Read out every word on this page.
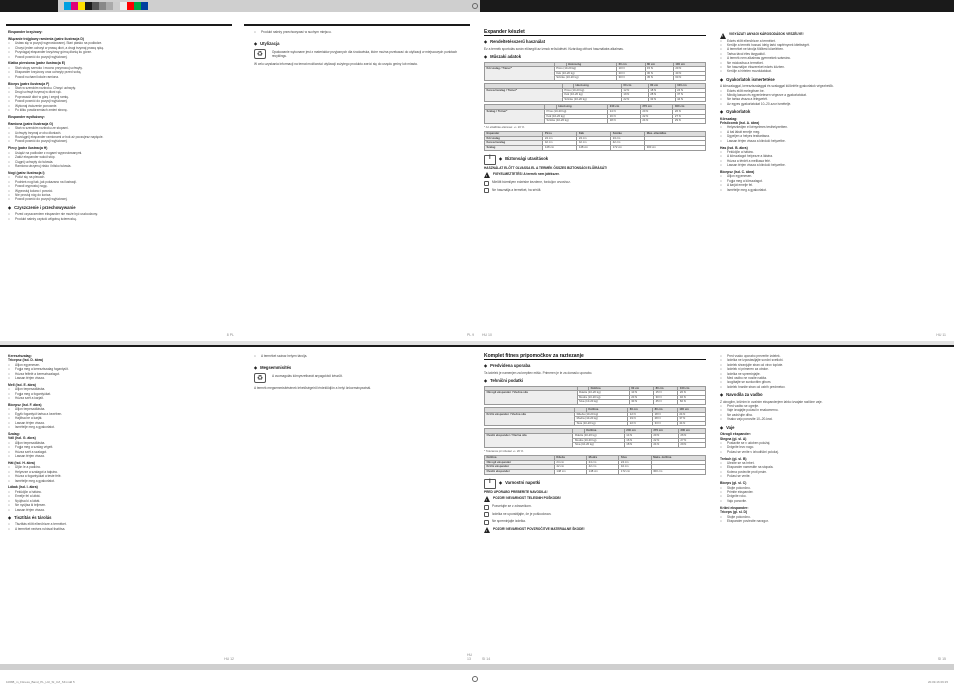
Ekspander krzyżowy:
Wiązanie trójglowy ramienia (patrz ilustracja D)
□ Ustaw się w pozycji wyprostowanej. Stań płasko na podłodze.
□ Chwyć jeden uchwyt w prawą dłoń, a drugi trzymaj prawą ręką.
□ Przyciągaj ekspander krzyżowy górną dłonią ku górze.
□ Powoli powróć do pozycji wyjściowej.
Klatka piersiowa (patrz ilustracja E)
□ Stań stopy szeroko i mocno przymocuj uchwyty.
□ Ekspander krzyżowy oraz uchwyty przed sobą.
□ Powoli ruchami łokcie ramiona.
Biceps (patrz ilustracja F)
□ Stań w szerokim rozkroku. Chwyć uchwyty.
□ Drugi uchwyt trzymaj w dłoni rąk.
□ Poprowadź dłoń w górę i zegnij ramię.
□ Powoli powróć do pozycji wyjściowej.
□ Wykonaj ćwiczenie ponownie.
□ Po kilku powtórzeniach zmień stronę.
Ekspander wydłużony:
Ramiona (patrz ilustracja G)
□ Stań w szerokim rozkroku ze stopami.
□ Uchwyty trzymaj w obu dłoniach.
□ Rozciągnij ekspander ramionami w bok aż poczujesz napięcie.
□ Powoli powróć do pozycji wyjściowej.
Plecy (patrz ilustracja H)
□ Usiądź na podłodze z nogami wyprostowanymi.
□ Załóż ekspander wokół stóp.
□ Ciągnij uchwyty do tułowia.
□ Ramiona utrzymuj nisko i blisko tułowia.
Nogi (patrz ilustracja I)
□ Połóż się na plecach.
□ Podnieś nogi tak, jak pokazano na ilustracji.
□ Powoli wyprostuj nogę.
□ Wyprostuj kolano i powróć.
□ Nie prostuj nóg do końca.
□ Powoli powróć do pozycji wyjściowej.
◆ Czyszczenie i przechowywanie
□ Przed czyszczeniem ekspander nie może być uszkodzony.
□ Produkt należy czyścić wilgotną ściereczką.
8 PL
□ Produkt należy przechowywać w suchym miejscu.
◆ Utylizacja
♻	Opakowanie wykonane jest z materiałów przyjaznych dla środowiska, które można przekazać do utylizacji w miejscowych punktach recyklingu.
W celu uzyskania informacji na temat możliwości utylizacji zużytego produktu zwróć się do urzędu gminy lub miasta.
PL 9
Expander készlet
◆ Rendeltetésszerű használat
Ez a termék sportolás során elősegíti az izmok erősödését. Kizárólag otthoni használatra alkalmas.
◆ Műszaki adatok
		Húzószög	60 cm	80 cm	100 cm
Körszalag / Tréner*	Piros (10-20 kg)		10 N	15 N	20 N
	Kék (10-20 kg)		20 N	30 N	40 N
	Szürke (10-20 kg)		30 N	45 N	60 N
		Húzószög	60 cm	80 cm	100 cm
Keresztszalag / Tréner*	Piros (10-20 kg)		12 N	18 N	24 N
	Kék (10-20 kg)		19 N	28 N	37 N
	Szürke (10-20 kg)		22 N	33 N	44 N
		Húzószög	240 cm	270 cm	300 cm
Szalag / Tréner*	Piros (10-20 kg)		14 N	20 N	26 N
	Kék (10-20 kg)		16 N	22 N	27 N
	Szürke (10-20 kg)		18 N	24 N	29 N
* Az előállítás eltérései: +/- 20 %
Expander	Piros	Kék	Szürke	Max. ellenállás
Körszalag	24 cm	24 cm	24 cm	
Keresztszalag	42 cm	42 cm	42 cm	
Szalag	148 cm	148 cm	172 cm	300 cm
i
◆ Biztonsági utasítások
HASZNÁLAT ELŐTT OLVASSA EL A TERMÉK ÖSSZES BIZTONSÁGI ELŐÍRÁSÁT!
!
FIGYELMEZTETÉS! A termék nem játékszer.
Mielőtt bármilyen edzésbe kezdene, forduljon orvoshoz.
Ne használja a terméket, ha sérült.
HU 10
!
VIGYÁZAT! ANYAGI KÁROSODÁSOK VESZÉLYE!
□ Edzés előtt ellenőrizze a terméket.
□ Kerülje a termék hosszú ideig tartó napfénynek kitettségét.
□ A terméket ne tárolja fűtőtest közelében.
□ Tartsa távol éles tárgyaktól.
□ A termék nem alkalmas gyermekek számára.
□ Ne módosítsa a terméket.
□ Ne használjon ékszereket edzés közben.
□ Kerülje a hirtelen mozdulatokat.
◆ Gyakorlatok ismertetése
A körszalaggal, keresztszalaggal és szalaggal különféle gyakorlatok végezhetők.
□ Edzés előtt melegítsen be.
□ Mindig lassan és egyenletesen végezze a gyakorlatokat.
□ Ne tartsa vissza a lélegzetét.
□ Az egyes gyakorlatokat 10–20-szor ismételje.
◆ Gyakorlatok
Körszalag:
Felsőcomb (lsd. A. ábra)
□ Helyezkedjen el kényelmes testhelyzetben.
□ A bal lábát emelje meg.
□ Ügyeljen a helyes testtartásra.
□ Lassan térjen vissza a kiinduló helyzetbe.
Has (lsd. B. ábra)
□ Feküdjön a hátára.
□ A körszalagot helyezze a lábára.
□ Húzza a térdét a mellkasa felé.
□ Lassan térjen vissza a kiinduló helyzetbe.
Bicepsz (lsd. C. ábra)
□ Álljon egyenesen.
□ Fogja meg a körszalagot.
□ A karját emelje fel.
□ Ismételje meg a gyakorlatot.
HU 11
Keresztszalag:
Tricepsz (lsd. D. ábra)
□ Álljon egyenesen.
□ Fogja meg a keresztszalag fogantyúit.
□ Húzza felfelé a keresztszalagot.
□ Lassan térjen vissza.
Mell (lsd. E. ábra)
□ Álljon terpeszállásba.
□ Fogja meg a fogantyúkat.
□ Húzza szét a karjait.
Bicepsz (lsd. F. ábra)
□ Álljon terpeszállásba.
□ Egyik fogantyút tartsa a kezében.
□ Hajlítsa be a karját.
□ Lassan térjen vissza.
□ Ismételje meg a gyakorlatot.
Szalag:
Váll (lsd. G. ábra)
□ Álljon terpeszállásba.
□ Fogja meg a szalag végeit.
□ Húzza szét a szalagot.
□ Lassan térjen vissza.
Hát (lsd. H. ábra)
□ Üljön le a padlóra.
□ Helyezze a szalagot a talpára.
□ Húzza a fogantyúkat a teste felé.
□ Ismételje meg a gyakorlatot.
Lábak (lsd. I. ábra)
□ Feküdjön a hátára.
□ Emelje fel a lábát.
□ Nyújtsa ki a lábát.
□ Ne nyújtsa ki teljesen.
□ Lassan térjen vissza.
◆ Tisztítás és tárolás
□ Tisztítás előtt ellenőrizze a terméket.
□ A terméket nedves ruhával tisztítsa.
HU 12
□ A terméket száraz helyen tárolja.
◆ Megsemmisítés
♻	A csomagolás környezetbarát anyagokból készült.
A termék megsemmisítésének lehetőségeiről érdeklődjön a helyi önkormányzatnál.
HU 13
Komplet fitnes pripomočkov za raztezanje
◆ Predvidena uporaba
Ta izdelek je namenjen za krepitev mišic. Primeren je le za domačo uporabo.
◆ Tehnični podatki
		Dolžina	60 cm	80 cm	100 cm
Okrogli ekspander / Vlečna sila	Rdeča (10-20 kg)		10 N	15 N	20 N
	Modra (10-20 kg)		20 N	30 N	40 N
	Siva (10-20 kg)		30 N	45 N	60 N
		Dolžina	60 cm	80 cm	100 cm
Križni ekspander / Vlečna sila	Rdeča (10-20 kg)		12 N	18 N	24 N
	Modra (10-20 kg)		19 N	28 N	37 N
	Siva (10-20 kg)		22 N	33 N	44 N
		Dolžina	240 cm	270 cm	300 cm
Ovalni ekspander / Vlečna sila	Rdeča (10-20 kg)		14 N	20 N	26 N
	Modra (10-20 kg)		16 N	22 N	27 N
	Siva (10-20 kg)		18 N	24 N	29 N
* Toleranca pri izdelavi +/- 20 %
Dolžina	Rdeča	Modra	Siva	Maks. dolžina
Okrogli ekspander	24 cm	24 cm	24 cm	
Križni ekspander	42 cm	42 cm	42 cm	
Ovalni ekspander	148 cm	148 cm	172 cm	300 cm
i
◆ Varnostni napotki
PRED UPORABO PREBERITE NAVODILA!
!
POZOR! NEVARNOST TELESNIH POŠKODB!
Posvetujte se z zdravnikom.
Izdelka ne uporabljajte, če je poškodovan.
Ne spreminjajte izdelka.
!
POZOR! NEVARNOST POVZROČITVE MATERIALNE ŠKODE!
SI 14
□ Pred vsako uporabo preverite izdelek.
□ Izdelka ne izpostavljajte sončni svetlobi.
□ Izdelek shranjujte stran od virov toplote.
□ Izdelek ni primeren za otroke.
□ Izdelka ne spreminjajte.
□ Med vadbo ne nosite nakita.
□ Izogibajte se sunkovitim gibom.
□ Izdelek hranite stran od ostrih predmetov.
◆ Navodila za vadbo
Z okroglim, križnim in ovalnim ekspanderjem lahko izvajate različne vaje.
□ Pred vadbo se ogrejte.
□ Vaje izvajajte počasi in enakomerno.
□ Ne zadržujte diha.
□ Vsako vajo ponovite 10–20-krat.
◆ Vaje
Okrogli ekspander:
Stegna (gl. sl. A)
□ Postavite se v udoben položaj.
□ Dvignite levo nogo.
□ Počasi se vrnite v izhodiščni položaj.
Trebuh (gl. sl. B)
□ Ulezite se na hrbet.
□ Ekspander namestite na stopala.
□ Kolena povlecite proti prsim.
□ Počasi se vrnite.
Biceps (gl. sl. C)
□ Stojte pokončno.
□ Primite ekspander.
□ Dvignite roko.
□ Vajo ponovite.
Križni ekspander:
Triceps (gl. sl. D)
□ Stojte pokončno.
□ Ekspander povlecite navzgor.
SI 15
10688_m_Fitness_Band_PL_HU_SI_CZ_SK.indd 5	20.09.16 09:15
